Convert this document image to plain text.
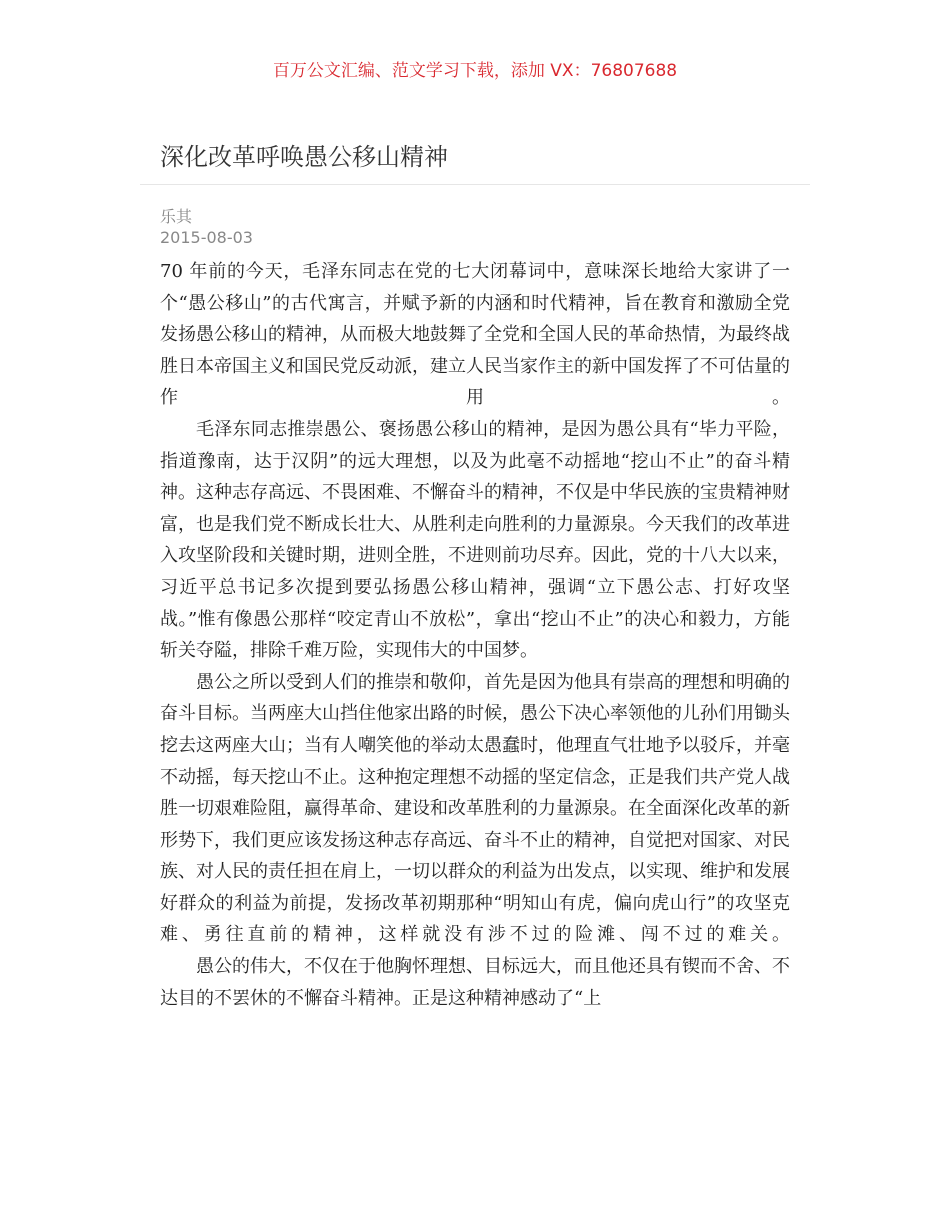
百万公文汇编、范文学习下载，添加 VX：76807688
深化改革呼唤愚公移山精神
乐其
2015-08-03

70 年前的今天，毛泽东同志在党的七大闭幕词中，意味深长地给大家讲了一个“愚公移山”的古代寓言，并赋予新的内涵和时代精神，旨在教育和激励全党发扬愚公移山的精神，从而极大地鼓舞了全党和全国人民的革命热情，为最终战胜日本帝国主义和国民党反动派，建立人民当家作主的新中国发挥了不可估量的作用。

毛泽东同志推崇愚公、褒扬愚公移山的精神，是因为愚公具有“毕力平险，指道豫南，达于汉阴”的远大理想，以及为此毫不动摇地“挖山不止”的奋斗精神。这种志存高远、不畏困难、不懈奋斗的精神，不仅是中华民族的宝贵精神财富，也是我们党不断成长壮大、从胜利走向胜利的力量源泉。今天我们的改革进入攻坚阶段和关键时期，进则全胜，不进则前功尽弃。因此，党的十八大以来，习近平总书记多次提到要弘扬愚公移山精神，强调“立下愚公志、打好攻坚战。”惟有像愚公那样“咬定青山不放松”，拿出“挖山不止”的决心和毅力，方能斩关夺隘，排除千难万险，实现伟大的中国梦。

愚公之所以受到人们的推崇和敬仰，首先是因为他具有崇高的理想和明确的奋斗目标。当两座大山挡住他家出路的时候，愚公下决心率领他的儿孙们用锄头挖去这两座大山；当有人嘲笑他的举动太愚蠢时，他理直气壮地予以驳斥，并毫不动摇，每天挖山不止。这种抱定理想不动摇的坚定信念，正是我们共产党人战胜一切艰难险阻，赢得革命、建设和改革胜利的力量源泉。在全面深化改革的新形势下，我们更应该发扬这种志存高远、奋斗不止的精神，自觉把对国家、对民族、对人民的责任担在肩上，一切以群众的利益为出发点，以实现、维护和发展好群众的利益为前提，发扬改革初期那种“明知山有虎，偏向虎山行”的攻坚克难、勇往直前的精神，这样就没有涉不过的险滩、闯不过的难关。

愚公的伟大，不仅在于他胸怀理想、目标远大，而且他还具有锲而不舍、不达目的不罢休的不懈奋斗精神。正是这种精神感动了“上
